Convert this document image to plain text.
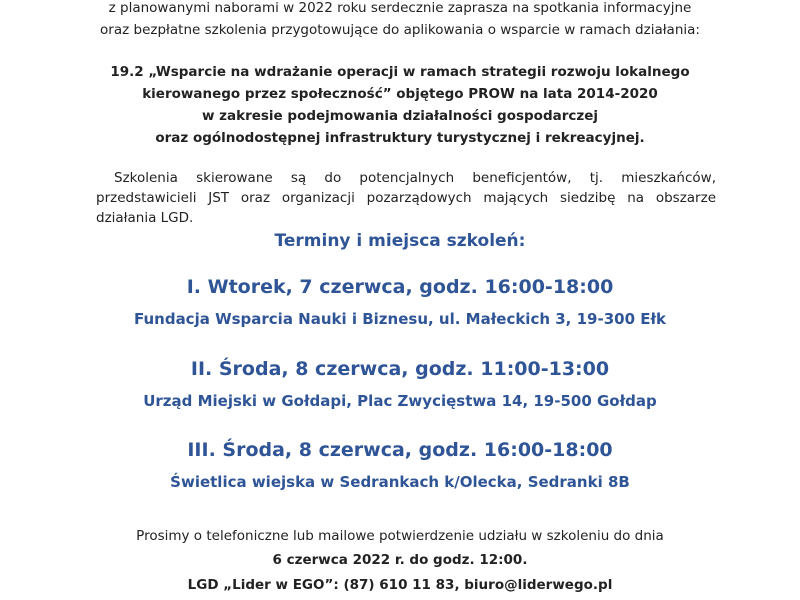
z planowanymi naborami w 2022 roku serdecznie zaprasza na spotkania informacyjne

oraz bezpłatne szkolenia przygotowujące do aplikowania o wsparcie w ramach działania:

19.2 „Wsparcie na wdrażanie operacji w ramach strategii rozwoju lokalnego

kierowanego przez społeczność” objętego PROW na lata 2014-2020

w zakresie podejmowania działalności gospodarczej

oraz ogólnodostępnej infrastruktury turystycznej i rekreacyjnej.

Szkolenia skierowane są do potencjalnych beneficjentów, tj. mieszkańców, przedstawicieli JST oraz organizacji pozarządowych mających siedzibę na obszarze działania LGD.

Terminy i miejsca szkoleń:

I. Wtorek, 7 czerwca, godz. 16:00-18:00

Fundacja Wsparcia Nauki i Biznesu, ul. Małeckich 3, 19-300 Ełk

II. Środa, 8 czerwca, godz. 11:00-13:00

Urząd Miejski w Gołdapi, Plac Zwycięstwa 14, 19-500 Gołdap

III. Środa, 8 czerwca, godz. 16:00-18:00

Świetlica wiejska w Sedrankach k/Olecka, Sedranki 8B

Prosimy o telefoniczne lub mailowe potwierdzenie udziału w szkoleniu do dnia

6 czerwca 2022 r. do godz. 12:00.

LGD „Lider w EGO”: (87) 610 11 83, biuro@liderwego.pl
